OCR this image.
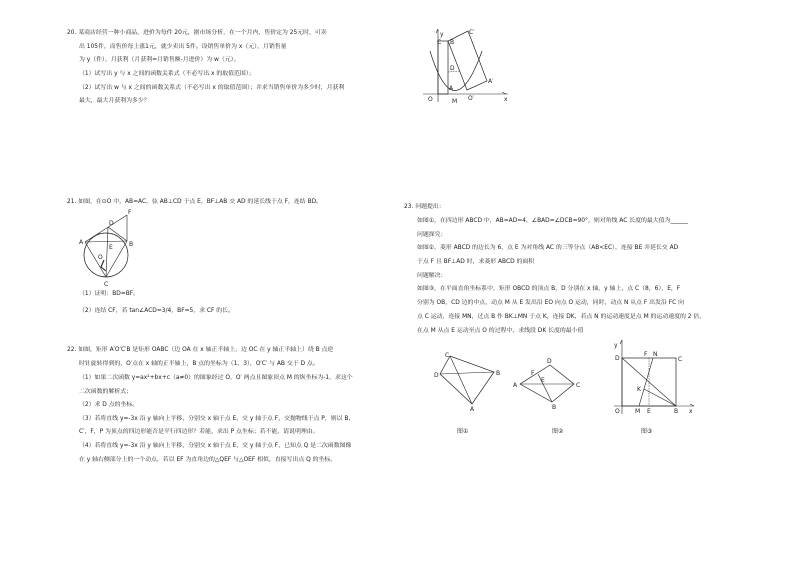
20. 某商店经营一种小商品，进价为每件 20元，据市场分析，在一个月内，售价定为 25元时，可卖
出 105件，而售价每上涨1元，就少卖出 5件。设销售单价为 x（元），月销售量
为 y（件），月获利（月获利=月销售额-月进价）为 w（元）。
（1）试写出 y 与 x 之间的函数关系式（不必写出 x 的取值范围）；
（2）试写出 w 与 x 之间的函数关系式（不必写出 x 的取值范围）；并求当销售单价为多少时，月获利
最大，最大月获利为多少？
y
C B
C′
D
A
A′
O	O′
M	x
21. 如图，在⊙O 中，AB=AC，弦 AB⊥CD 于点 E，BF⊥AB 交 AD 的延长线于点 F，连结 BD。
（1）证明：BD=BF。
（2）连结 CF，若 tan∠ACD=3/4，BF=5，求 CF 的长。
F
D
A
E	B
O
C
22. 如图，矩形 A′O′C′B 是矩形 OABC（边 OA 在 x 轴正半轴上，边 OC 在 y 轴正半轴上）绕 B 点逆
时针旋转得到的，O′点在 x 轴的正半轴上，B 点的坐标为（1，3），O′C′ 与 AB 交于 D 点。
（1）如果二次函数 y=ax²+bx+c（a≠0）的图象经过 O，O′ 两点且图象顶点 M 的纵坐标为-1，求这个
二次函数的解析式；
（2）求 D 点的坐标。
（3）若将直线 y=-3x 沿 y 轴向上平移，分别交 x 轴于点 E，交 y 轴于点 F，交抛物线于点 P，则以 B，
C′，F，P 为顶点的四边形能否是平行四边形？若能，求出 P 点坐标；若不能，请说明理由。
（4）若将直线 y=-3x 沿 y 轴向上平移，分别交 x 轴于点 E，交 y 轴于点 F，已知点 Q 是二次函数图像
在 y 轴右侧部分上的一个动点，若以 EF 为直角边的△QEF 与△OEF 相似，直接写出点 Q 的坐标。
23. 问题提出：
如图①，在四边形 ABCD 中，AB=AD=4，∠BAD=∠DCB=90°，则对角线 AC 长度的最大值为______
问题探究：
如图②，菱形 ABCD 的边长为 6，点 E 为对角线 AC 的三等分点（AB<EC），连接 BE 并延长交 AD
于点 F 且 BF⊥AD 时，求菱形 ABCD 的面积
问题解决：
如图③，在平面直角坐标系中，矩形 OBCD 的顶点 B，D 分别在 x 轴，y 轴上，点 C（8，6），E，F
分别为 OB，CD 边的中点，动点 M 从 E 发出沿 EO 向点 O 运动，同时，动点 N 从点 F 出发沿 FC 向
点 C 运动，连接 MN，过点 B 作 BK⊥MN 于点 K，连接 DK，若点 N 的运动速度是点 M 的运动速度的 2 倍，
在点 M 从点 E 运动至点 O 的过程中，求线段 DK 长度的最小值
C
D	B
A
图①
D
A
F
E
C
B
图②
y
D
F N
C
K
O	M E	B x
图③
